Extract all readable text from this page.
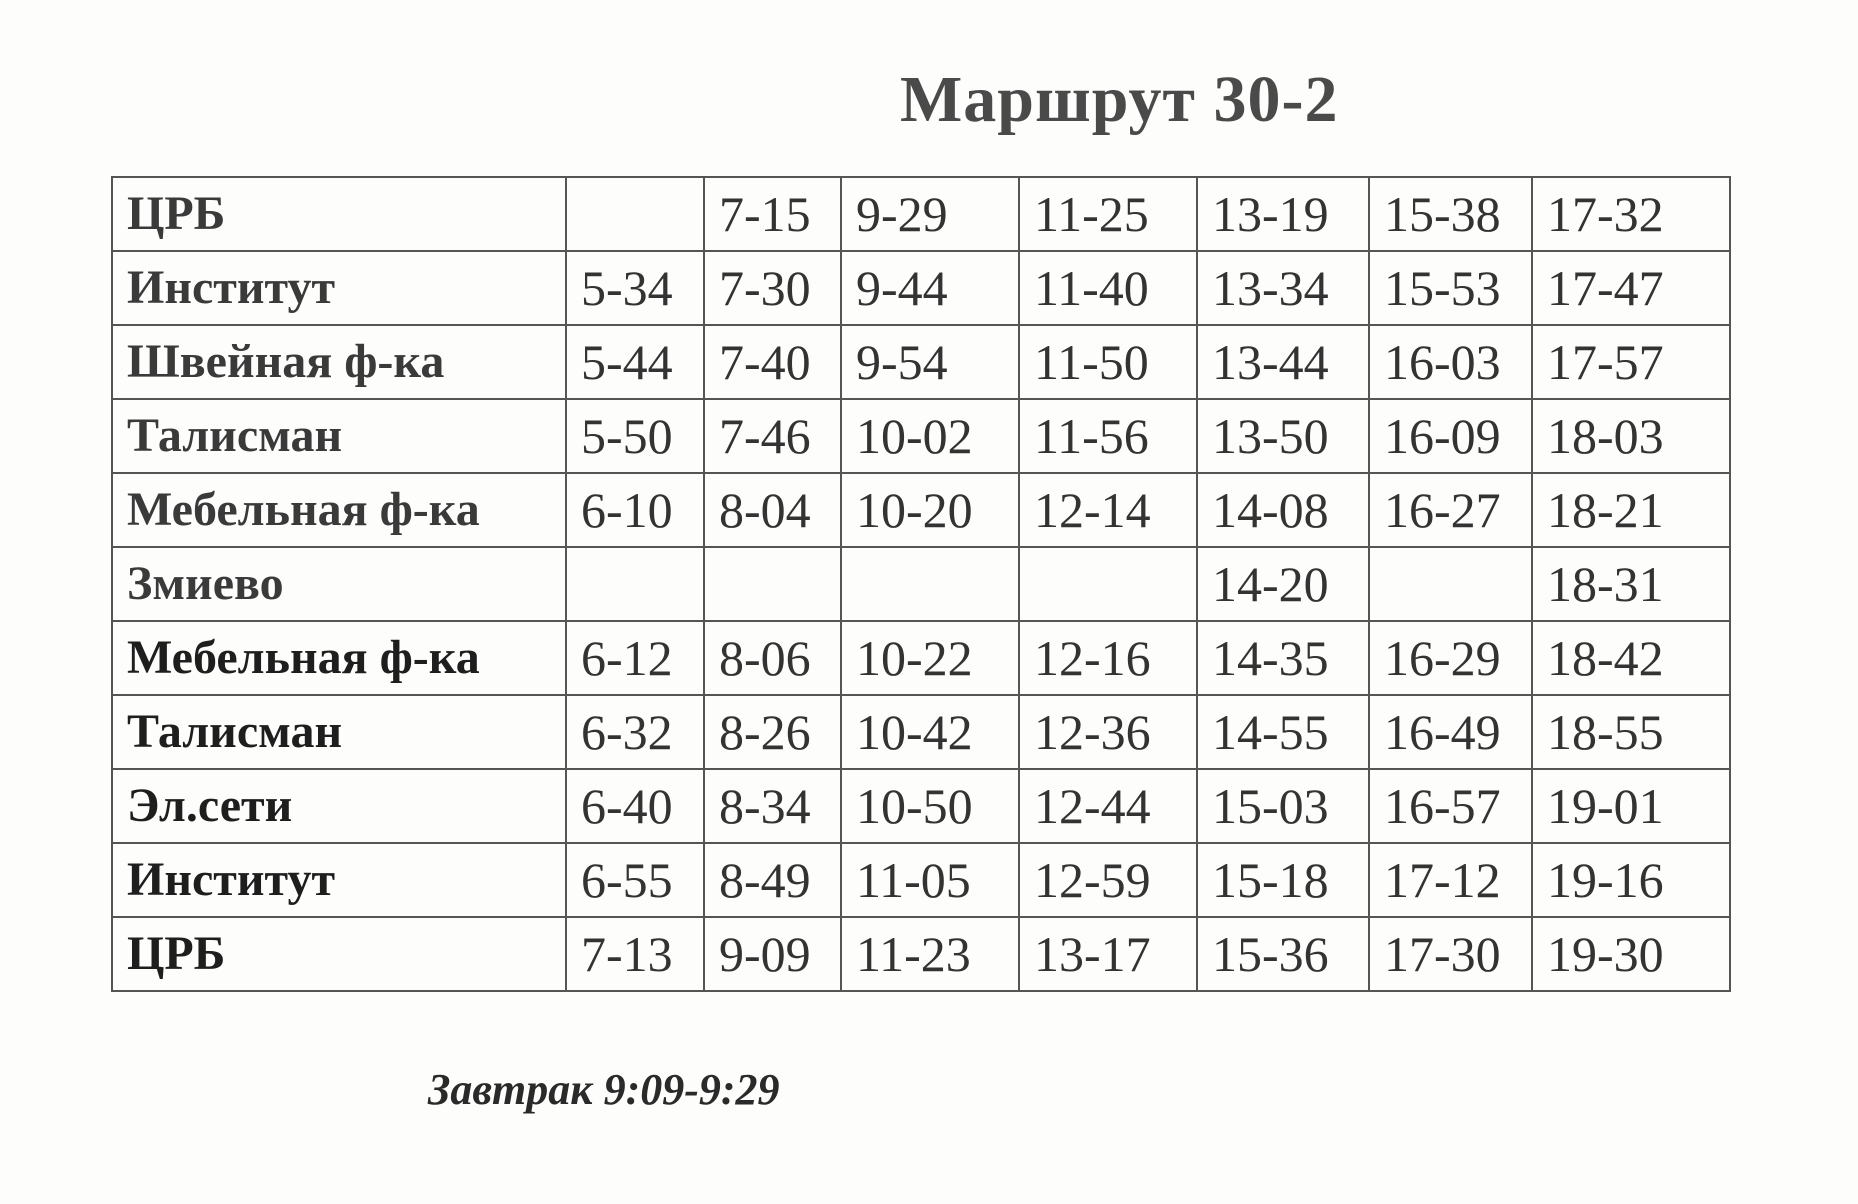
Маршрут 30-2
ЦРБ		7-15	9-29	11-25	13-19	15-38	17-32
Институт	5-34	7-30	9-44	11-40	13-34	15-53	17-47
Швейная ф-ка	5-44	7-40	9-54	11-50	13-44	16-03	17-57
Талисман	5-50	7-46	10-02	11-56	13-50	16-09	18-03
Мебельная ф-ка	6-10	8-04	10-20	12-14	14-08	16-27	18-21
Змиево					14-20		18-31
Мебельная ф-ка	6-12	8-06	10-22	12-16	14-35	16-29	18-42
Талисман	6-32	8-26	10-42	12-36	14-55	16-49	18-55
Эл.сети	6-40	8-34	10-50	12-44	15-03	16-57	19-01
Институт	6-55	8-49	11-05	12-59	15-18	17-12	19-16
ЦРБ	7-13	9-09	11-23	13-17	15-36	17-30	19-30
Завтрак 9:09-9:29
